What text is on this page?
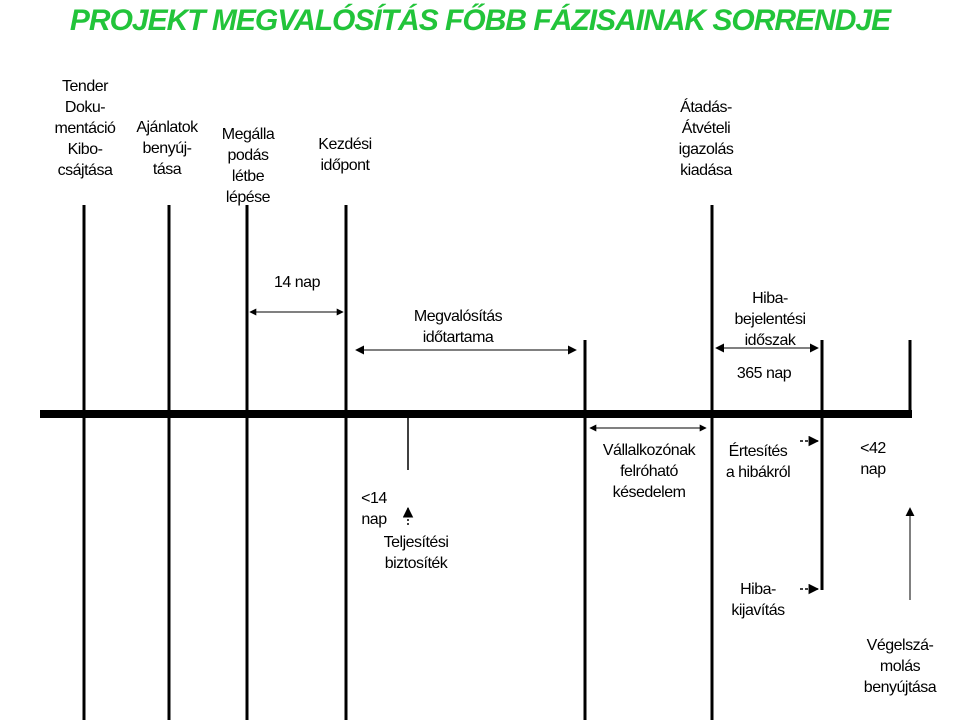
PROJEKT MEGVALÓSÍTÁS FŐBB FÁZISAINAK SORRENDJE
Tender
Doku-
mentáció
Kibo-
csájtása
Ajánlatok
benyúj-
tása
Megálla
podás
létbe
lépése
Kezdési
időpont
Átadás-
Átvételi
igazolás
kiadása
14 nap
Megvalósítás
időtartama
Hiba-
bejelentési
időszak
365 nap
<14
nap
Teljesítési
biztosíték
Vállalkozónak
felróható
késedelem
Értesítés
a hibákról
<42
nap
Hiba-
kijavítás
Végelszá-
molás
benyújtása
